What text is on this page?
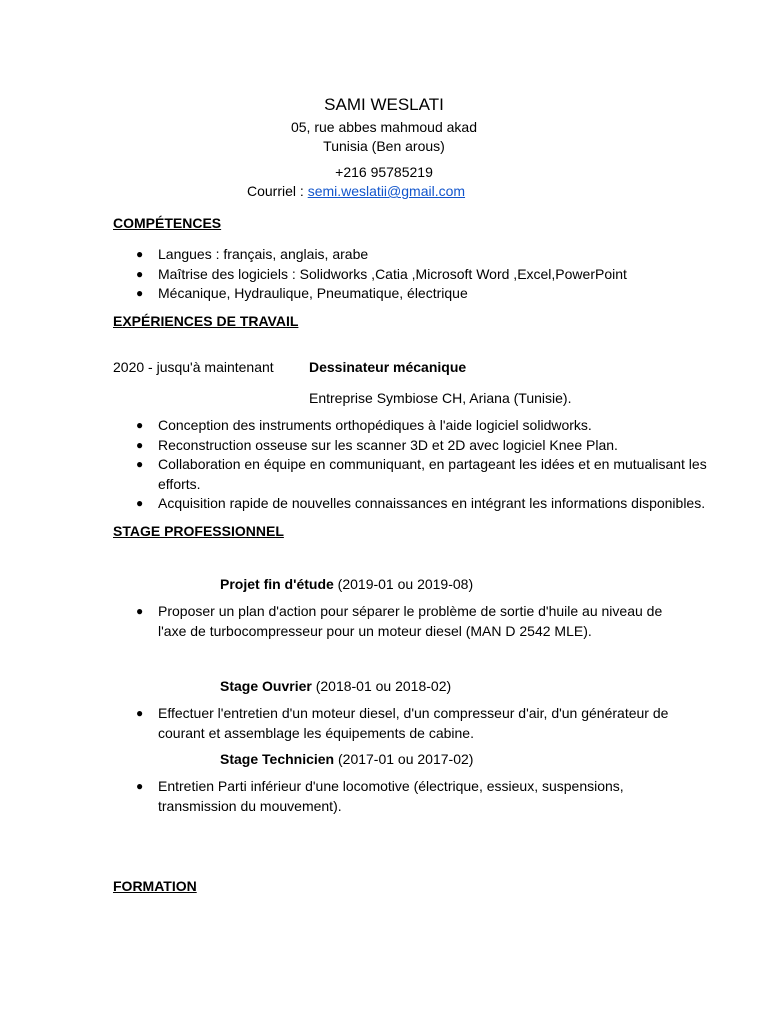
SAMI WESLATI
05, rue abbes mahmoud akad
Tunisia (Ben arous)
+216 95785219
Courriel : semi.weslatii@gmail.com
COMPÉTENCES
● Langues : français, anglais, arabe
● Maîtrise des logiciels : Solidworks ,Catia ,Microsoft Word ,Excel,PowerPoint
● Mécanique, Hydraulique, Pneumatique, électrique
EXPÉRIENCES DE TRAVAIL
2020 - jusqu'à maintenant	Dessinateur mécanique
Entreprise Symbiose CH, Ariana (Tunisie).
● Conception des instruments orthopédiques à l'aide logiciel solidworks.
● Reconstruction osseuse sur les scanner 3D et 2D avec logiciel Knee Plan.
● Collaboration en équipe en communiquant, en partageant les idées et en mutualisant les efforts.
● Acquisition rapide de nouvelles connaissances en intégrant les informations disponibles.
STAGE PROFESSIONNEL
Projet fin d'étude (2019-01 ou 2019-08)
● Proposer un plan d'action pour séparer le problème de sortie d'huile au niveau de l'axe de turbocompresseur pour un moteur diesel (MAN D 2542 MLE).
Stage Ouvrier (2018-01 ou 2018-02)
● Effectuer l'entretien d'un moteur diesel, d'un compresseur d'air, d'un générateur de courant et assemblage les équipements de cabine.
Stage Technicien (2017-01 ou 2017-02)
● Entretien Parti inférieur d'une locomotive (électrique, essieux, suspensions, transmission du mouvement).
FORMATION
